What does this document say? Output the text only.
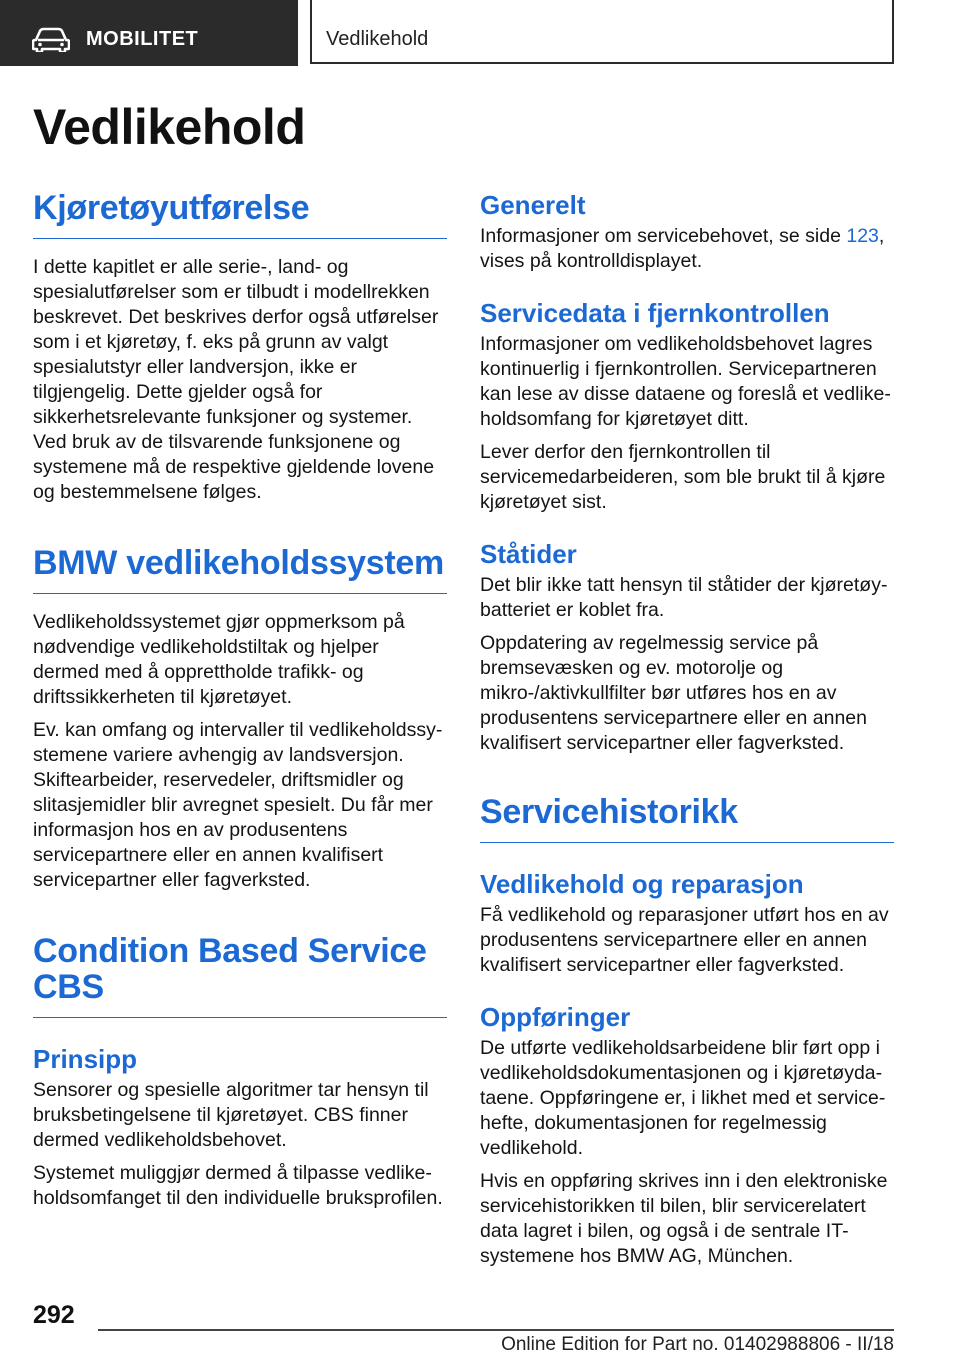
MOBILITET	Vedlikehold
Vedlikehold
Kjøretøyutførelse

I dette kapitlet er alle serie-, land- og spesialutførelser som er tilbudt i modellrekken beskrevet. Det beskrives derfor også utførelser som i et kjøretøy, f. eks på grunn av valgt spesialutstyr eller landversjon, ikke er tilgjengelig. Dette gjelder også for sikkerhetsrelevante funksjoner og systemer. Ved bruk av de tilsvarende funksjonene og systemene må de respektive gjeldende lovene og bestemmelsene følges.

BMW vedlikeholdssystem

Vedlikeholdssystemet gjør oppmerksom på nødvendige vedlikeholdstiltak og hjelper dermed med å opprettholde trafikk- og driftssikkerheten til kjøretøyet.

Ev. kan omfang og intervaller til vedlikeholdssystemene variere avhengig av landsversjon. Skiftearbeider, reservedeler, driftsmidler og slitasjemidler blir avregnet spesielt. Du får mer informasjon hos en av produsentens servicepartnere eller en annen kvalifisert servicepartner eller fagverksted.

Condition Based Service CBS
Prinsipp

Sensorer og spesielle algoritmer tar hensyn til bruksbetingelsene til kjøretøyet. CBS finner dermed vedlikeholdsbehovet.

Systemet muliggjør dermed å tilpasse vedlikeholdsomfanget til den individuelle bruksprofilen.

Generelt

Informasjoner om servicebehovet, se side 123, vises på kontrolldisplayet.

Servicedata i fjernkontrollen

Informasjoner om vedlikeholdsbehovet lagres kontinuerlig i fjernkontrollen. Servicepartneren kan lese av disse dataene og foreslå et vedlikeholdsomfang for kjøretøyet ditt.

Lever derfor den fjernkontrollen til servicemedarbeideren, som ble brukt til å kjøre kjøretøyet sist.

Ståtider

Det blir ikke tatt hensyn til ståtider der kjøretøybatteriet er koblet fra.

Oppdatering av regelmessig service på bremsevæsken og ev. motorolje og mikro-/aktivkullfilter bør utføres hos en av produsentens servicepartnere eller en annen kvalifisert servicepartner eller fagverksted.

Servicehistorikk
Vedlikehold og reparasjon

Få vedlikehold og reparasjoner utført hos en av produsentens servicepartnere eller en annen kvalifisert servicepartner eller fagverksted.

Oppføringer

De utførte vedlikeholdsarbeidene blir ført opp i vedlikeholdsdokumentasjonen og i kjøretøydataene. Oppføringene er, i likhet med et servicehefte, dokumentasjonen for regelmessig vedlikehold.

Hvis en oppføring skrives inn i den elektroniske servicehistorikken til bilen, blir servicerelatert data lagret i bilen, og også i de sentrale IT-systemene hos BMW AG, München.

292
Online Edition for Part no. 01402988806 - II/18
